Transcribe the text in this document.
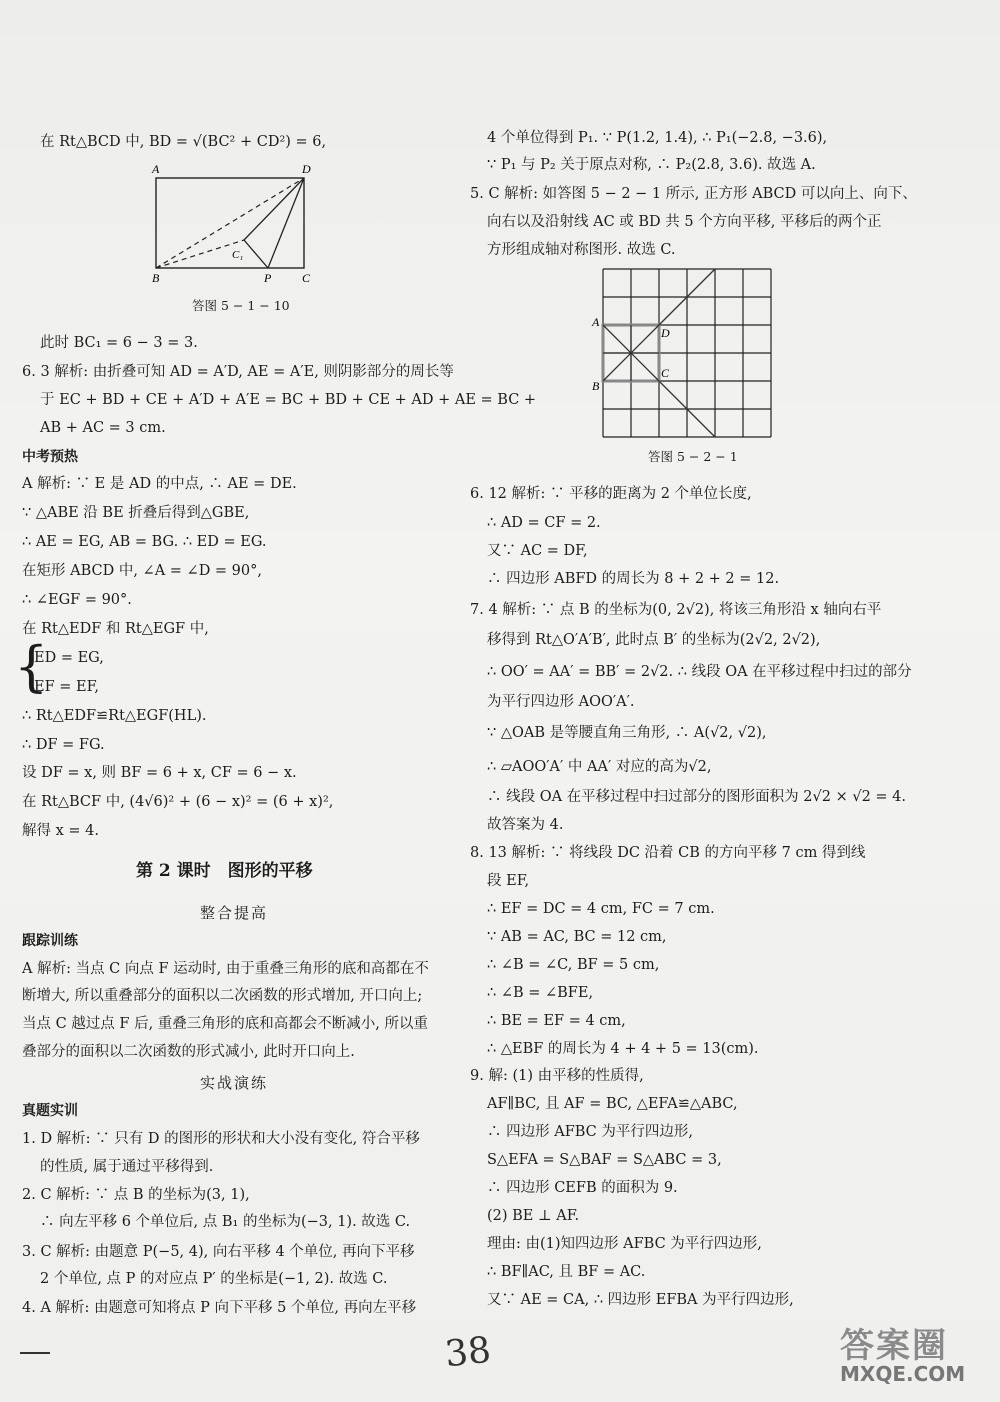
在 Rt△BCD 中, BD = √(BC² + CD²) = 6,
此时 BC₁ = 6 − 3 = 3.
6. 3 解析: 由折叠可知 AD = A′D, AE = A′E, 则阴影部分的周长等
于 EC + BD + CE + A′D + A′E = BC + BD + CE + AD + AE = BC +
AB + AC = 3 cm.
中考预热
A 解析: ∵ E 是 AD 的中点, ∴ AE = DE.
∵ △ABE 沿 BE 折叠后得到△GBE,
∴ AE = EG, AB = BG. ∴ ED = EG.
在矩形 ABCD 中, ∠A = ∠D = 90°,
∴ ∠EGF = 90°.
在 Rt△EDF 和 Rt△EGF 中,
ED = EG,
EF = EF,
∴ Rt△EDF≌Rt△EGF(HL).
∴ DF = FG.
设 DF = x, 则 BF = 6 + x, CF = 6 − x.
在 Rt△BCF 中, (4√6)² + (6 − x)² = (6 + x)²,
解得 x = 4.
A 解析: 当点 C 向点 F 运动时, 由于重叠三角形的底和高都在不
断增大, 所以重叠部分的面积以二次函数的形式增加, 开口向上;
当点 C 越过点 F 后, 重叠三角形的底和高都会不断减小, 所以重
叠部分的面积以二次函数的形式减小, 此时开口向上.
1. D 解析: ∵ 只有 D 的图形的形状和大小没有变化, 符合平移
的性质, 属于通过平移得到.
2. C 解析: ∵ 点 B 的坐标为(3, 1),
∴ 向左平移 6 个单位后, 点 B₁ 的坐标为(−3, 1). 故选 C.
3. C 解析: 由题意 P(−5, 4), 向右平移 4 个单位, 再向下平移
2 个单位, 点 P 的对应点 P′ 的坐标是(−1, 2). 故选 C.
4. A 解析: 由题意可知将点 P 向下平移 5 个单位, 再向左平移
A	D
B	C
C₁
P
答图 5 − 1 − 10
{
第 2 课时　图形的平移
整合提高
跟踪训练
实战演练
真题实训
4 个单位得到 P₁. ∵ P(1.2, 1.4), ∴ P₁(−2.8, −3.6),
∵ P₁ 与 P₂ 关于原点对称, ∴ P₂(2.8, 3.6). 故选 A.
5. C 解析: 如答图 5 − 2 − 1 所示, 正方形 ABCD 可以向上、向下、
向右以及沿射线 AC 或 BD 共 5 个方向平移, 平移后的两个正
方形组成轴对称图形. 故选 C.
6. 12 解析: ∵ 平移的距离为 2 个单位长度,
∴ AD = CF = 2.
又∵ AC = DF,
∴ 四边形 ABFD 的周长为 8 + 2 + 2 = 12.
7. 4 解析: ∵ 点 B 的坐标为(0, 2√2), 将该三角形沿 x 轴向右平
移得到 Rt△O′A′B′, 此时点 B′ 的坐标为(2√2, 2√2),
∴ OO′ = AA′ = BB′ = 2√2. ∴ 线段 OA 在平移过程中扫过的部分
为平行四边形 AOO′A′.
∵ △OAB 是等腰直角三角形, ∴ A(√2, √2),
∴ ▱AOO′A′ 中 AA′ 对应的高为√2,
∴ 线段 OA 在平移过程中扫过部分的图形面积为 2√2 × √2 = 4.
故答案为 4.
8. 13 解析: ∵ 将线段 DC 沿着 CB 的方向平移 7 cm 得到线
段 EF,
∴ EF = DC = 4 cm, FC = 7 cm.
∵ AB = AC, BC = 12 cm,
∴ ∠B = ∠C, BF = 5 cm,
∴ ∠B = ∠BFE,
∴ BE = EF = 4 cm,
∴ △EBF 的周长为 4 + 4 + 5 = 13(cm).
9. 解: (1) 由平移的性质得,
AF∥BC, 且 AF = BC, △EFA≌△ABC,
∴ 四边形 AFBC 为平行四边形,
S△EFA = S△BAF = S△ABC = 3,
∴ 四边形 CEFB 的面积为 9.
(2) BE ⊥ AF.
理由: 由(1)知四边形 AFBC 为平行四边形,
∴ BF∥AC, 且 BF = AC.
又∵ AE = CA, ∴ 四边形 EFBA 为平行四边形,
A
D
B
C
答图 5 − 2 − 1
38	答案圈
MXQE.COM
